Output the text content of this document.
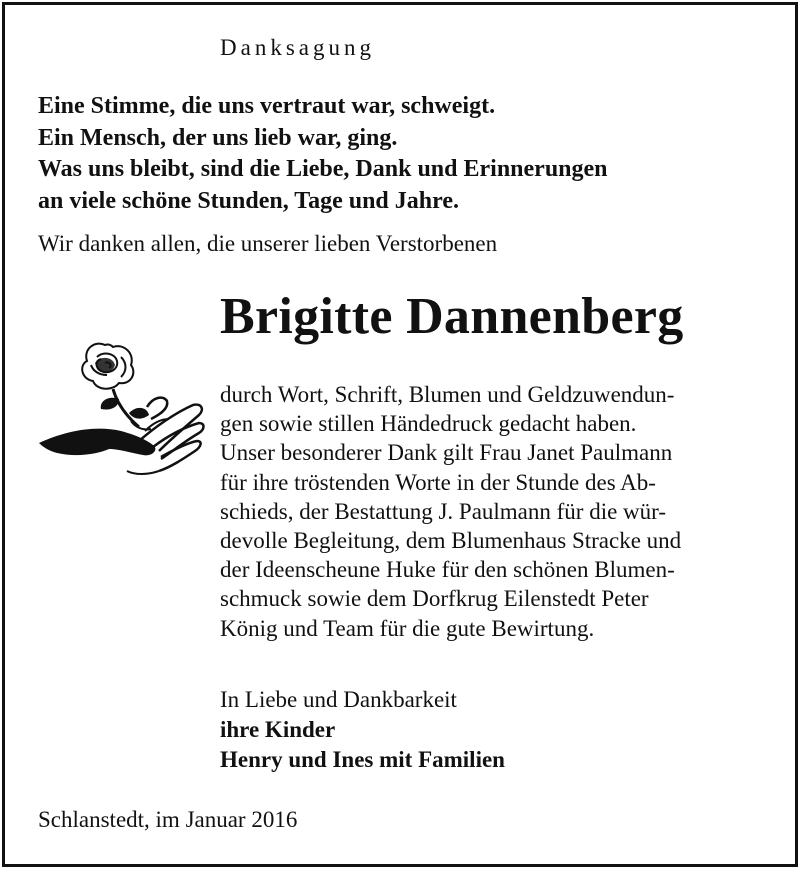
Danksagung
Eine Stimme, die uns vertraut war, schweigt.
Ein Mensch, der uns lieb war, ging.
Was uns bleibt, sind die Liebe, Dank und Erinnerungen
an viele schöne Stunden, Tage und Jahre.
Wir danken allen, die unserer lieben Verstorbenen
Brigitte Dannenberg
durch Wort, Schrift, Blumen und Geldzuwendun-
gen sowie stillen Händedruck gedacht haben.
Unser besonderer Dank gilt Frau Janet Paulmann
für ihre tröstenden Worte in der Stunde des Ab-
schieds, der Bestattung J. Paulmann für die wür-
devolle Begleitung, dem Blumenhaus Stracke und
der Ideenscheune Huke für den schönen Blumen-
schmuck sowie dem Dorfkrug Eilenstedt Peter
König und Team für die gute Bewirtung.
In Liebe und Dankbarkeit
ihre Kinder
Henry und Ines mit Familien
Schlanstedt, im Januar 2016
